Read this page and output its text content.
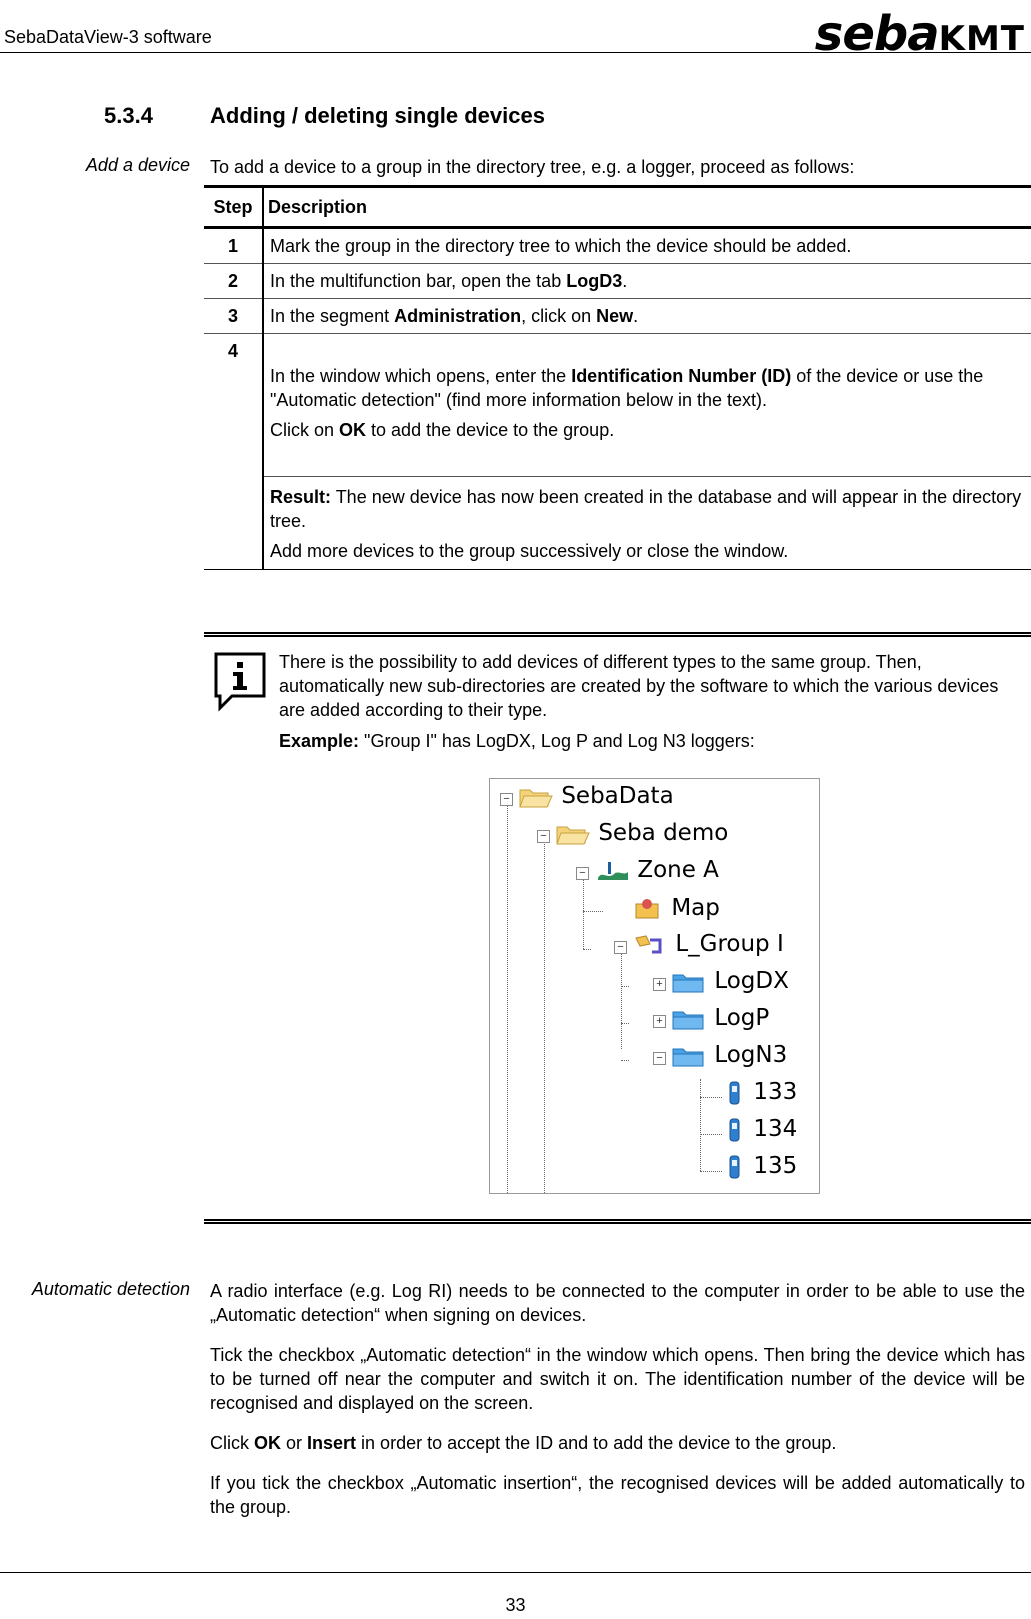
SebaDataView-3 software	sebaKMT
5.3.4	Adding / deleting single devices
Add a device To add a device to a group in the directory tree, e.g. a logger, proceed as follows:
Step	Description
1	Mark the group in the directory tree to which the device should be added.
2	In the multifunction bar, open the tab LogD3.
3	In the segment Administration, click on New.
4	In the window which opens, enter the Identification Number (ID) of the device or use the "Automatic detection" (find more information below in the text).
Click on OK to add the device to the group.

	Result: The new device has now been created in the database and will appear in the directory tree.
Add more devices to the group successively or close the window.
There is the possibility to add devices of different types to the same group. Then, automatically new sub-directories are created by the software to which the various devices are added according to their type.
Example: "Group I" has LogDX, Log P and Log N3 loggers:
−	SebaData
−	Seba demo
−	Zone A
Map
−	L_Group I
+	LogDX
+	LogP
−	LogN3
133
134
135
Automatic detection A radio interface (e.g. Log RI) needs to be connected to the computer in order to be able to use the „Automatic detection“ when signing on devices.

Tick the checkbox „Automatic detection“ in the window which opens. Then bring the device which has to be turned off near the computer and switch it on. The identification number of the device will be recognised and displayed on the screen.

Click OK or Insert in order to accept the ID and to add the device to the group.

If you tick the checkbox „Automatic insertion“, the recognised devices will be added automatically to the group.

33
